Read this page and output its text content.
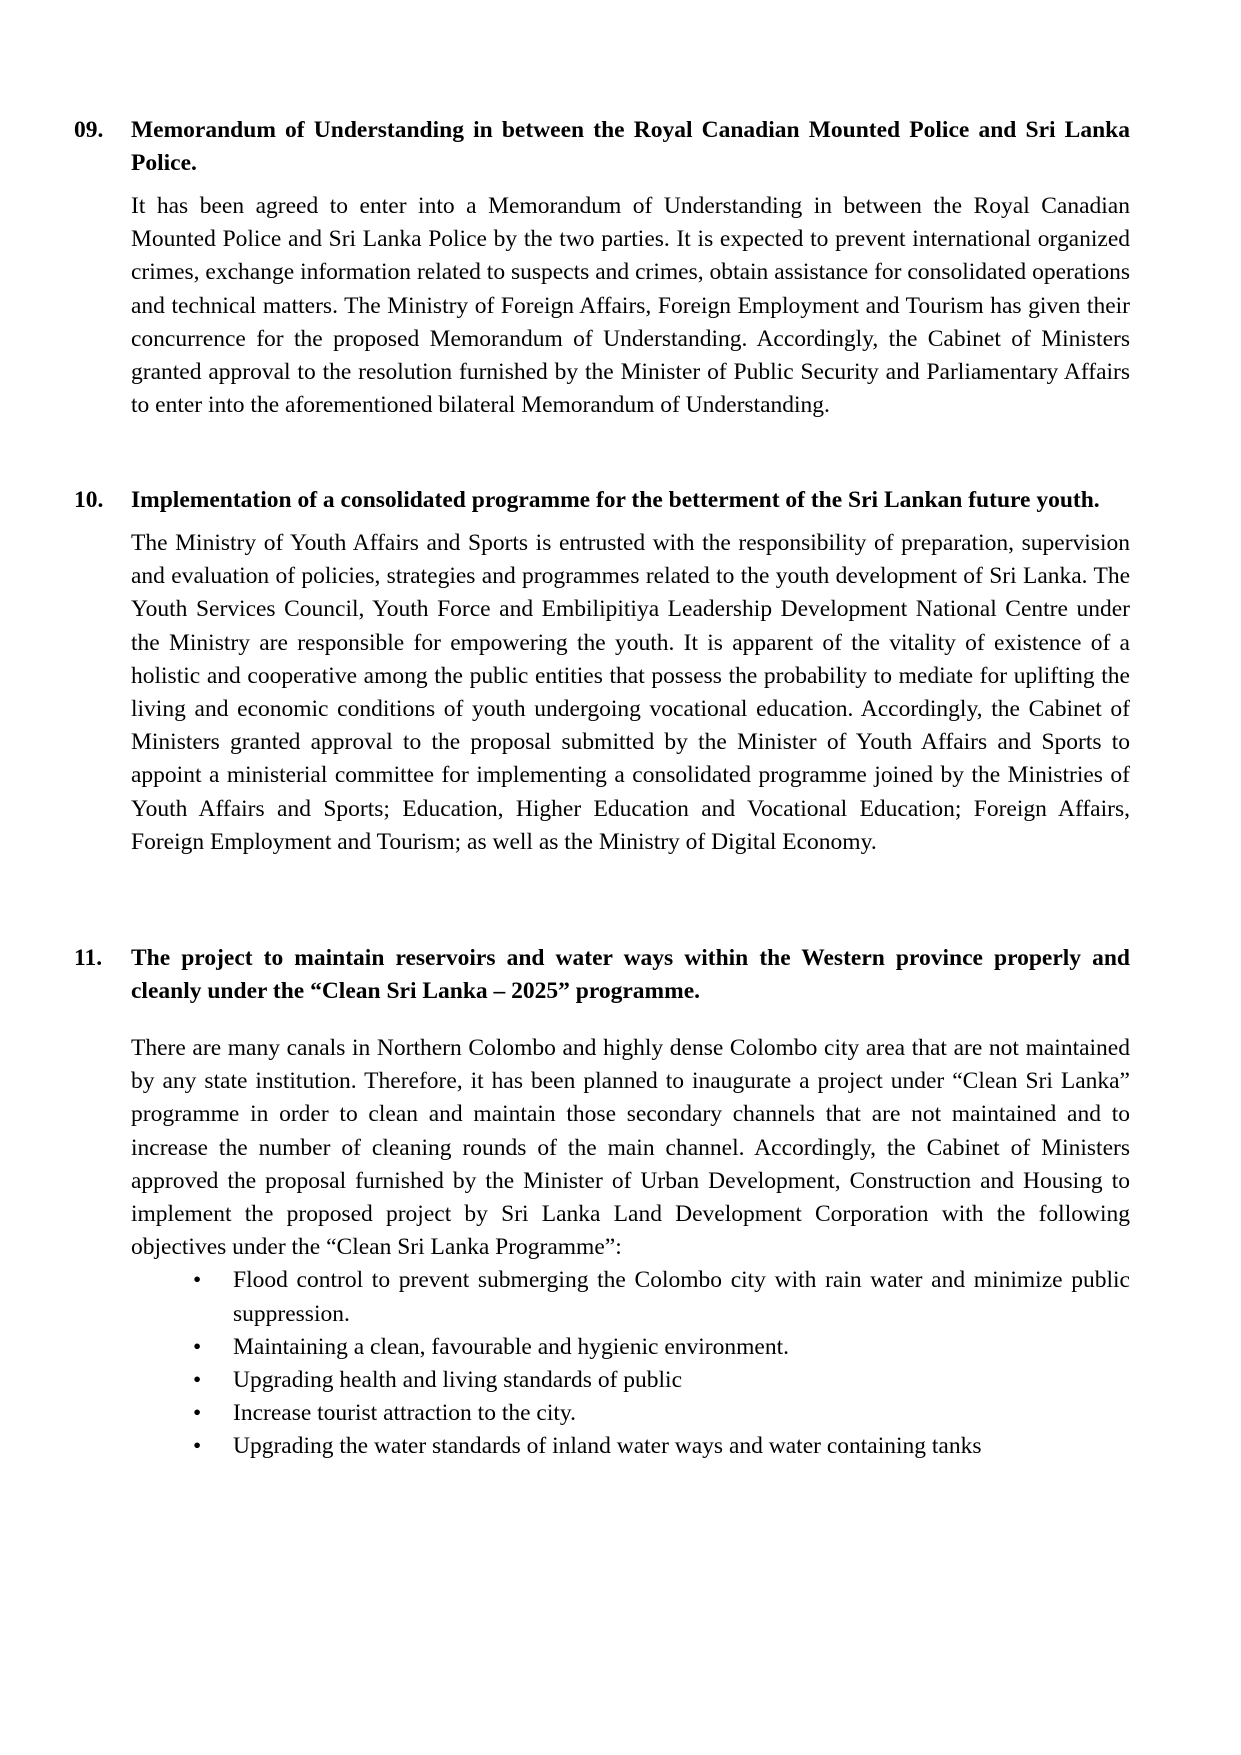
09. Memorandum of Understanding in between the Royal Canadian Mounted Police and Sri Lanka Police.
It has been agreed to enter into a Memorandum of Understanding in between the Royal Canadian Mounted Police and Sri Lanka Police by the two parties. It is expected to prevent international organized crimes, exchange information related to suspects and crimes, obtain assistance for consolidated operations and technical matters. The Ministry of Foreign Affairs, Foreign Employment and Tourism has given their concurrence for the proposed Memorandum of Understanding. Accordingly, the Cabinet of Ministers granted approval to the resolution furnished by the Minister of Public Security and Parliamentary Affairs to enter into the aforementioned bilateral Memorandum of Understanding.
10. Implementation of a consolidated programme for the betterment of the Sri Lankan future youth.
The Ministry of Youth Affairs and Sports is entrusted with the responsibility of preparation, supervision and evaluation of policies, strategies and programmes related to the youth development of Sri Lanka. The Youth Services Council, Youth Force and Embilipitiya Leadership Development National Centre under the Ministry are responsible for empowering the youth. It is apparent of the vitality of existence of a holistic and cooperative among the public entities that possess the probability to mediate for uplifting the living and economic conditions of youth undergoing vocational education. Accordingly, the Cabinet of Ministers granted approval to the proposal submitted by the Minister of Youth Affairs and Sports to appoint a ministerial committee for implementing a consolidated programme joined by the Ministries of Youth Affairs and Sports; Education, Higher Education and Vocational Education; Foreign Affairs, Foreign Employment and Tourism; as well as the Ministry of Digital Economy.
11. The project to maintain reservoirs and water ways within the Western province properly and cleanly under the “Clean Sri Lanka – 2025” programme.
There are many canals in Northern Colombo and highly dense Colombo city area that are not maintained by any state institution. Therefore, it has been planned to inaugurate a project under “Clean Sri Lanka” programme in order to clean and maintain those secondary channels that are not maintained and to increase the number of cleaning rounds of the main channel. Accordingly, the Cabinet of Ministers approved the proposal furnished by the Minister of Urban Development, Construction and Housing to implement the proposed project by Sri Lanka Land Development Corporation with the following objectives under the “Clean Sri Lanka Programme”:
• Flood control to prevent submerging the Colombo city with rain water and minimize public suppression.
• Maintaining a clean, favourable and hygienic environment.
• Upgrading health and living standards of public
• Increase tourist attraction to the city.
• Upgrading the water standards of inland water ways and water containing tanks
